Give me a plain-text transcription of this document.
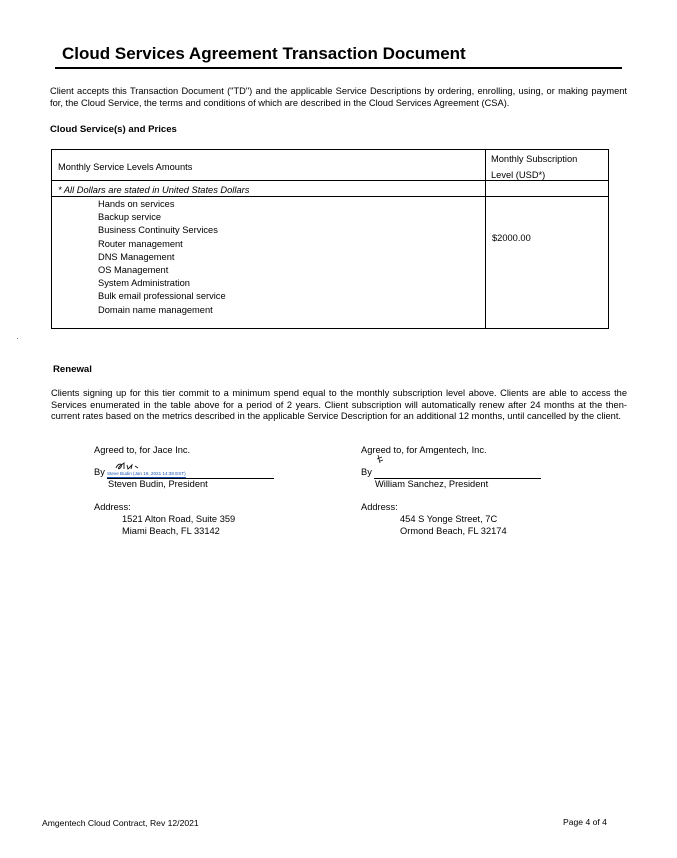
Cloud Services Agreement Transaction Document
Client accepts this Transaction Document ("TD") and the applicable Service Descriptions by ordering, enrolling, using, or making payment for, the Cloud Service, the terms and conditions of which are described in the Cloud Services Agreement (CSA).
Cloud Service(s) and Prices
Monthly Service Levels Amounts
Monthly Subscription
Level (USD*)
* All Dollars are stated in United States Dollars
Hands on services
Backup service
Business Continuity Services
Router management
DNS Management
OS Management
System Administration
Bulk email professional service
Domain name management
$2000.00
Renewal
Clients signing up for this tier commit to a minimum spend equal to the monthly subscription level above. Clients are able to access the Services enumerated in the table above for a period of 2 years. Client subscription will automatically renew after 24 months at the then-current rates based on the metrics described in the applicable Service Description for an additional 12 months, until cancelled by the client.
Agreed to, for Jace Inc.
Steve Budin (Jan 18, 2021 14:38 EST)
By
Steven Budin, President
Address:
1521 Alton Road, Suite 359
Miami Beach, FL 33142
Agreed to, for Amgentech, Inc.
By
William Sanchez, President
Address:
454 S Yonge Street, 7C
Ormond Beach, FL 32174
Amgentech Cloud Contract, Rev 12/2021	Page 4 of 4
